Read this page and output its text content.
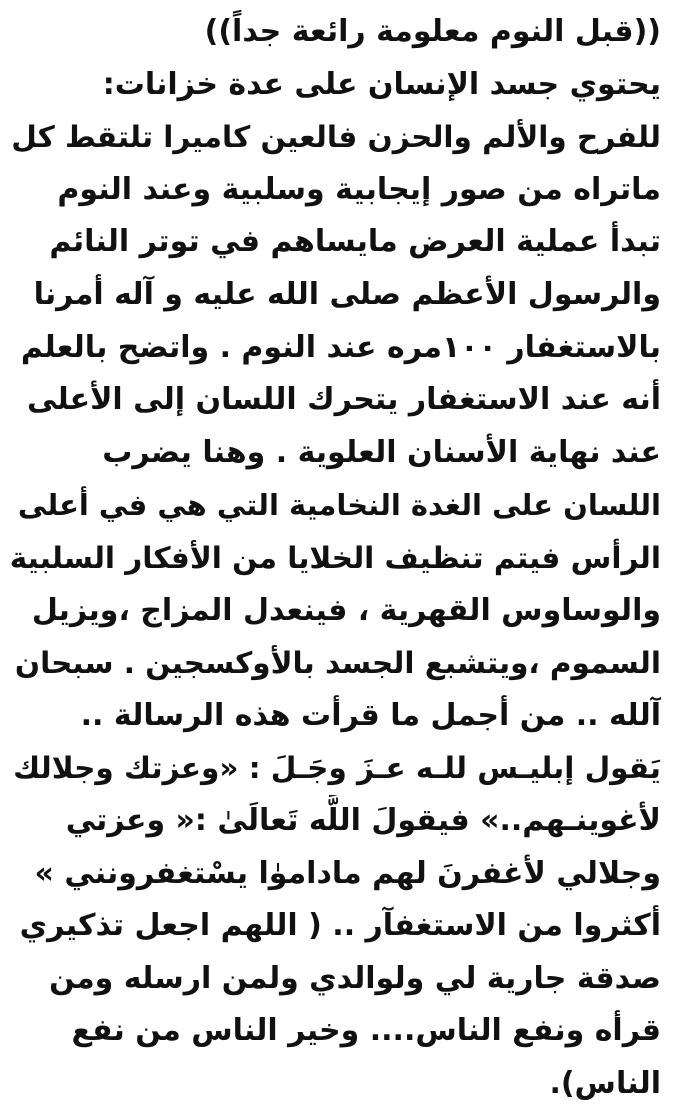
((قبل النوم معلومة رائعة جداً))
يحتوي جسد الإنسان على عدة خزانات:
للفرح والألم والحزن فالعين كاميرا تلتقط كل
ماتراه من صور إيجابية وسلبية وعند النوم
تبدأ عملية العرض مايساهم في توتر النائم
والرسول الأعظم صلى الله عليه و آله أمرنا
بالاستغفار ١٠٠مره عند النوم . واتضح بالعلم
أنه عند الاستغفار يتحرك اللسان إلى الأعلى
عند نهاية الأسنان العلوية . وهنا يضرب
اللسان على الغدة النخامية التي هي في أعلى
الرأس فيتم تنظيف الخلايا من الأفكار السلبية
والوساوس القهرية ، فينعدل المزاج ،ويزيل
السموم ،ويتشبع الجسد بالأوكسجين . سبحان
آلله .. من أجمل ما قرأت هذه الرسالة ..
يَقول إبليـس للـه عـزَ وجَـلَ : «وعزتك وجلالك
لأغوينـهم..» فيقولَ اللَّه تَعالَىٰ :« وعزتي
وجلالي لأغفرنَ لهم ماداموٰا يسْتغفرونني »
أكثروا من الاستغفآر .. ( اللهم اجعل تذكيري
صدقة جارية لي ولوالدي ولمن ارسله ومن
قرأه ونفع الناس.... وخير الناس من نفع
الناس).
